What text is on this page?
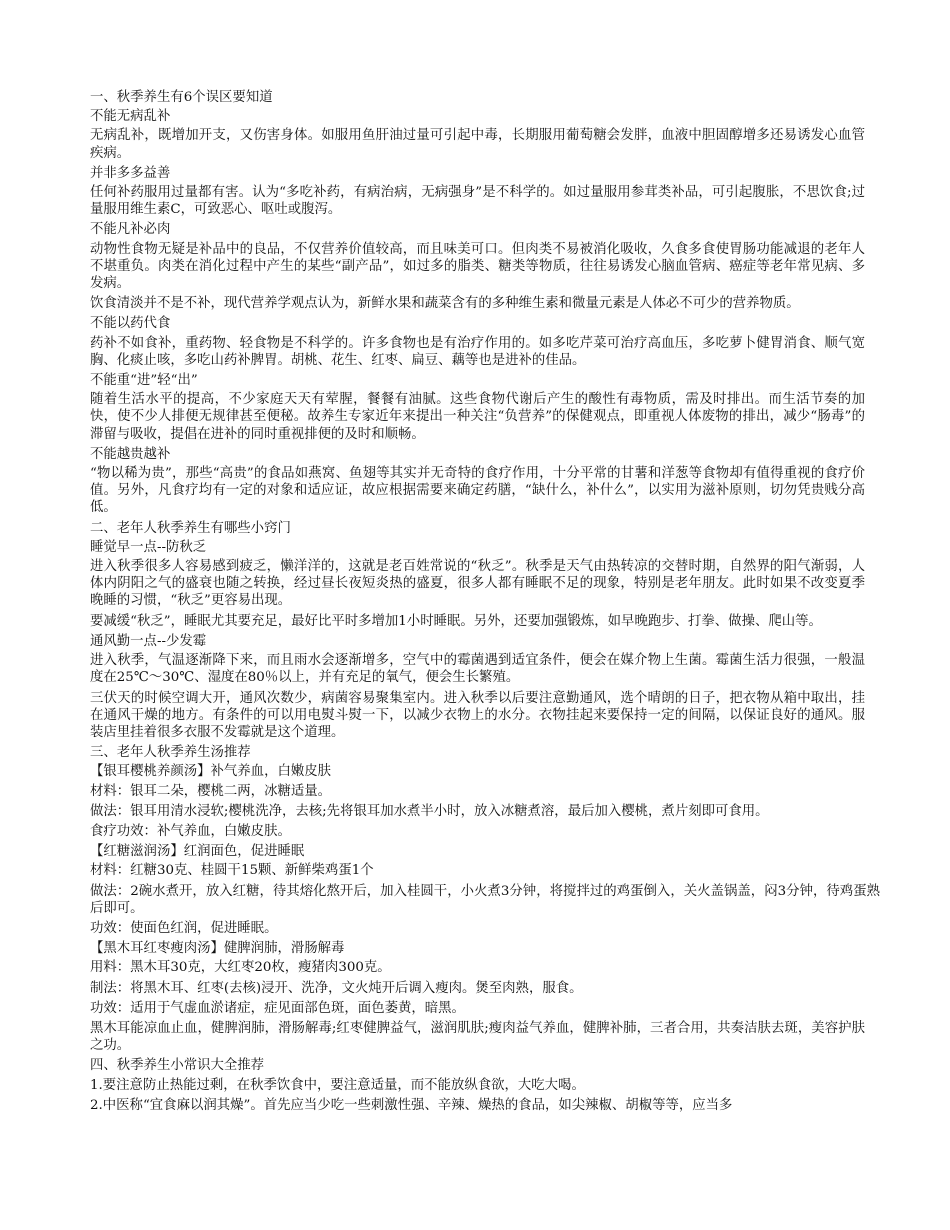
一、秋季养生有6个误区要知道

不能无病乱补

无病乱补，既增加开支，又伤害身体。如服用鱼肝油过量可引起中毒，长期服用葡萄糖会发胖，血液中胆固醇增多还易诱发心血管疾病。

并非多多益善

任何补药服用过量都有害。认为“多吃补药，有病治病，无病强身”是不科学的。如过量服用参茸类补品，可引起腹胀，不思饮食;过量服用维生素C，可致恶心、呕吐或腹泻。

不能凡补必肉

动物性食物无疑是补品中的良品，不仅营养价值较高，而且味美可口。但肉类不易被消化吸收，久食多食使胃肠功能减退的老年人不堪重负。肉类在消化过程中产生的某些“副产品”，如过多的脂类、糖类等物质，往往易诱发心脑血管病、癌症等老年常见病、多发病。

饮食清淡并不是不补，现代营养学观点认为，新鲜水果和蔬菜含有的多种维生素和微量元素是人体必不可少的营养物质。

不能以药代食

药补不如食补，重药物、轻食物是不科学的。许多食物也是有治疗作用的。如多吃芹菜可治疗高血压，多吃萝卜健胃消食、顺气宽胸、化痰止咳，多吃山药补脾胃。胡桃、花生、红枣、扁豆、藕等也是进补的佳品。

不能重“进”轻“出”

随着生活水平的提高，不少家庭天天有荤腥，餐餐有油腻。这些食物代谢后产生的酸性有毒物质，需及时排出。而生活节奏的加快，使不少人排便无规律甚至便秘。故养生专家近年来提出一种关注“负营养”的保健观点，即重视人体废物的排出，减少“肠毒”的滞留与吸收，提倡在进补的同时重视排便的及时和顺畅。

不能越贵越补

“物以稀为贵”，那些“高贵”的食品如燕窝、鱼翅等其实并无奇特的食疗作用，十分平常的甘薯和洋葱等食物却有值得重视的食疗价值。另外，凡食疗均有一定的对象和适应证，故应根据需要来确定药膳，“缺什么，补什么”，以实用为滋补原则，切勿凭贵贱分高低。

二、老年人秋季养生有哪些小窍门

睡觉早一点--防秋乏

进入秋季很多人容易感到疲乏，懒洋洋的，这就是老百姓常说的“秋乏”。秋季是天气由热转凉的交替时期，自然界的阳气渐弱，人体内阴阳之气的盛衰也随之转换，经过昼长夜短炎热的盛夏，很多人都有睡眠不足的现象，特别是老年朋友。此时如果不改变夏季晚睡的习惯，“秋乏”更容易出现。

要减缓“秋乏”，睡眠尤其要充足，最好比平时多增加1小时睡眠。另外，还要加强锻炼，如早晚跑步、打拳、做操、爬山等。

通风勤一点--少发霉

进入秋季，气温逐渐降下来，而且雨水会逐渐增多，空气中的霉菌遇到适宜条件，便会在媒介物上生菌。霉菌生活力很强，一般温度在25℃～30℃、湿度在80％以上，并有充足的氧气，便会生长繁殖。

三伏天的时候空调大开，通风次数少，病菌容易聚集室内。进入秋季以后要注意勤通风，选个晴朗的日子，把衣物从箱中取出，挂在通风干燥的地方。有条件的可以用电熨斗熨一下，以减少衣物上的水分。衣物挂起来要保持一定的间隔，以保证良好的通风。服装店里挂着很多衣服不发霉就是这个道理。

三、老年人秋季养生汤推荐

【银耳樱桃养颜汤】补气养血，白嫩皮肤

材料：银耳二朵，樱桃二两，冰糖适量。

做法：银耳用清水浸软;樱桃洗净，去核;先将银耳加水煮半小时，放入冰糖煮溶，最后加入樱桃，煮片刻即可食用。

食疗功效：补气养血，白嫩皮肤。

【红糖滋润汤】红润面色，促进睡眠

材料：红糖30克、桂圆干15颗、新鲜柴鸡蛋1个

做法：2碗水煮开，放入红糖，待其熔化熬开后，加入桂圆干，小火煮3分钟，将搅拌过的鸡蛋倒入，关火盖锅盖，闷3分钟，待鸡蛋熟后即可。

功效：使面色红润，促进睡眠。

【黑木耳红枣瘦肉汤】健脾润肺，滑肠解毒

用料：黑木耳30克，大红枣20枚，瘦猪肉300克。

制法：将黑木耳、红枣(去核)浸开、洗净，文火炖开后调入瘦肉。煲至肉熟，服食。

功效：适用于气虚血淤诸症，症见面部色斑，面色萎黄，暗黑。

黑木耳能凉血止血，健脾润肺，滑肠解毒;红枣健脾益气，滋润肌肤;瘦肉益气养血，健脾补肺，三者合用，共奏洁肤去斑，美容护肤之功。

四、秋季养生小常识大全推荐

1.要注意防止热能过剩，在秋季饮食中，要注意适量，而不能放纵食欲，大吃大喝。

2.中医称“宜食麻以润其燥”。首先应当少吃一些刺激性强、辛辣、燥热的食品，如尖辣椒、胡椒等等，应当多
